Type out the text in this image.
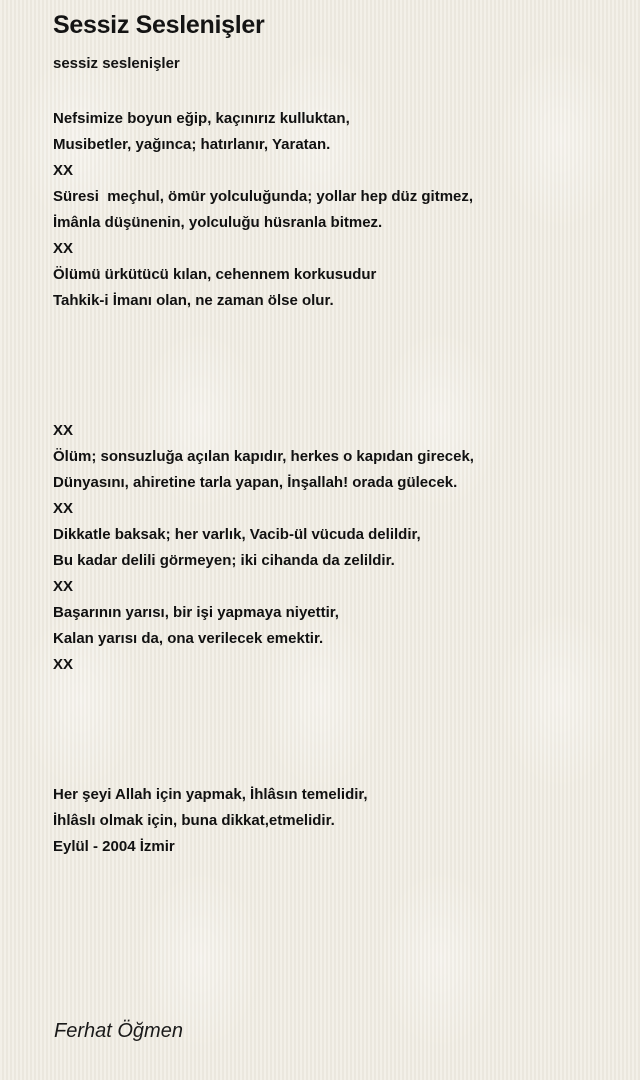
Sessiz Seslenişler
sessiz seslenişler
Nefsimize boyun eğip, kaçınırız kulluktan,
Musibetler, yağınca; hatırlanır, Yaratan.
XX
Süresi  meçhul, ömür yolculuğunda; yollar hep düz gitmez,
İmânla düşünenin, yolculuğu hüsranla bitmez.
XX
Ölümü ürkütücü kılan, cehennem korkusudur
Tahkik-i İmanı olan, ne zaman ölse olur.
XX
Ölüm; sonsuzluğa açılan kapıdır, herkes o kapıdan girecek,
Dünyasını, ahiretine tarla yapan, İnşallah! orada gülecek.
XX
Dikkatle baksak; her varlık, Vacib-ül vücuda delildir,
Bu kadar delili görmeyen; iki cihanda da zelildir.
XX
Başarının yarısı, bir işi yapmaya niyettir,
Kalan yarısı da, ona verilecek emektir.
XX
Her şeyi Allah için yapmak, İhlâsın temelidir,
İhlâslı olmak için, buna dikkat,etmelidir.
Eylül - 2004 İzmir
Ferhat Öğmen
